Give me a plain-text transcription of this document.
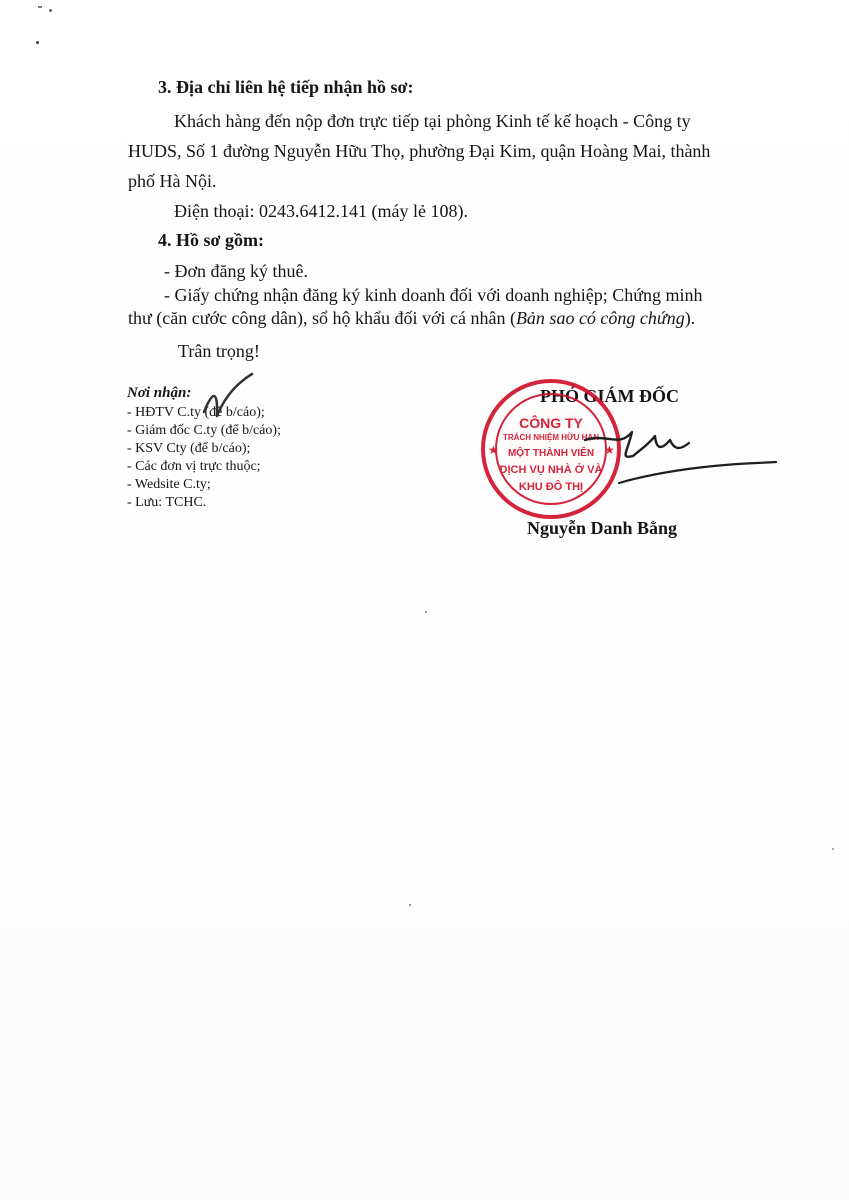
3. Địa chỉ liên hệ tiếp nhận hồ sơ:
Khách hàng đến nộp đơn trực tiếp tại phòng Kinh tế kế hoạch - Công ty
HUDS, Số 1 đường Nguyễn Hữu Thọ, phường Đại Kim, quận Hoàng Mai, thành
phố Hà Nội.
Điện thoại: 0243.6412.141 (máy lẻ 108).
4. Hồ sơ gồm:
- Đơn đăng ký thuê.
- Giấy chứng nhận đăng ký kinh doanh đối với doanh nghiệp; Chứng minh
thư (căn cước công dân), sổ hộ khẩu đối với cá nhân (Bản sao có công chứng).
Trân trọng!
Nơi nhận:
- HĐTV C.ty (để b/cáo);
- Giám đốc C.ty (để b/cáo);
- KSV Cty (để b/cáo);
- Các đơn vị trực thuộc;
- Wedsite C.ty;
- Lưu: TCHC.
PHÓ GIÁM ĐỐC
★	★
CÔNG TY
TRÁCH NHIỆM HỮU HẠN
MỘT THÀNH VIÊN
DỊCH VỤ NHÀ Ở VÀ
KHU ĐÔ THỊ
Nguyễn Danh Bằng
